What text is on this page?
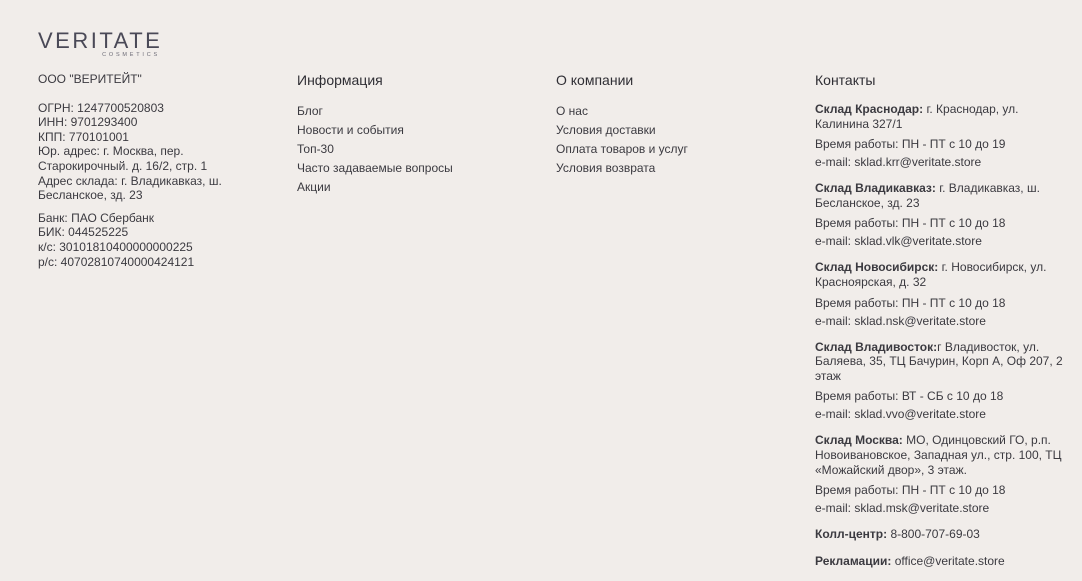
VERITATE
COSMETICS
ООО "ВЕРИТЕЙТ"
ОГРН: 1247700520803
ИНН: 9701293400
КПП: 770101001
Юр. адрес: г. Москва, пер. Старокирочный. д. 16/2, стр. 1
Адрес склада: г. Владикавказ, ш. Бесланское, зд. 23
Банк: ПАО Сбербанк
БИК: 044525225
к/с: 30101810400000000225
р/с: 40702810740000424121
Информация
Блог
Новости и события
Топ-30
Часто задаваемые вопросы
Акции
О компании
О нас
Условия доставки
Оплата товаров и услуг
Условия возврата
Контакты
Склад Краснодар: г. Краснодар, ул. Калинина 327/1
Время работы: ПН - ПТ с 10 до 19
e-mail: sklad.krr@veritate.store
Склад Владикавказ: г. Владикавказ, ш. Бесланское, зд. 23
Время работы: ПН - ПТ с 10 до 18
e-mail: sklad.vlk@veritate.store
Склад Новосибирск: г. Новосибирск, ул. Красноярская, д. 32
Время работы: ПН - ПТ с 10 до 18
e-mail: sklad.nsk@veritate.store
Склад Владивосток:г Владивосток, ул. Баляева, 35, ТЦ Бачурин, Корп А, Оф 207, 2 этаж
Время работы: ВТ - СБ с 10 до 18
e-mail: sklad.vvo@veritate.store
Склад Москва: МО, Одинцовский ГО, р.п. Новоивановское, Западная ул., стр. 100, ТЦ «Можайский двор», 3 этаж.
Время работы: ПН - ПТ с 10 до 18
e-mail: sklad.msk@veritate.store
Колл-центр: 8-800-707-69-03
Рекламации: office@veritate.store
